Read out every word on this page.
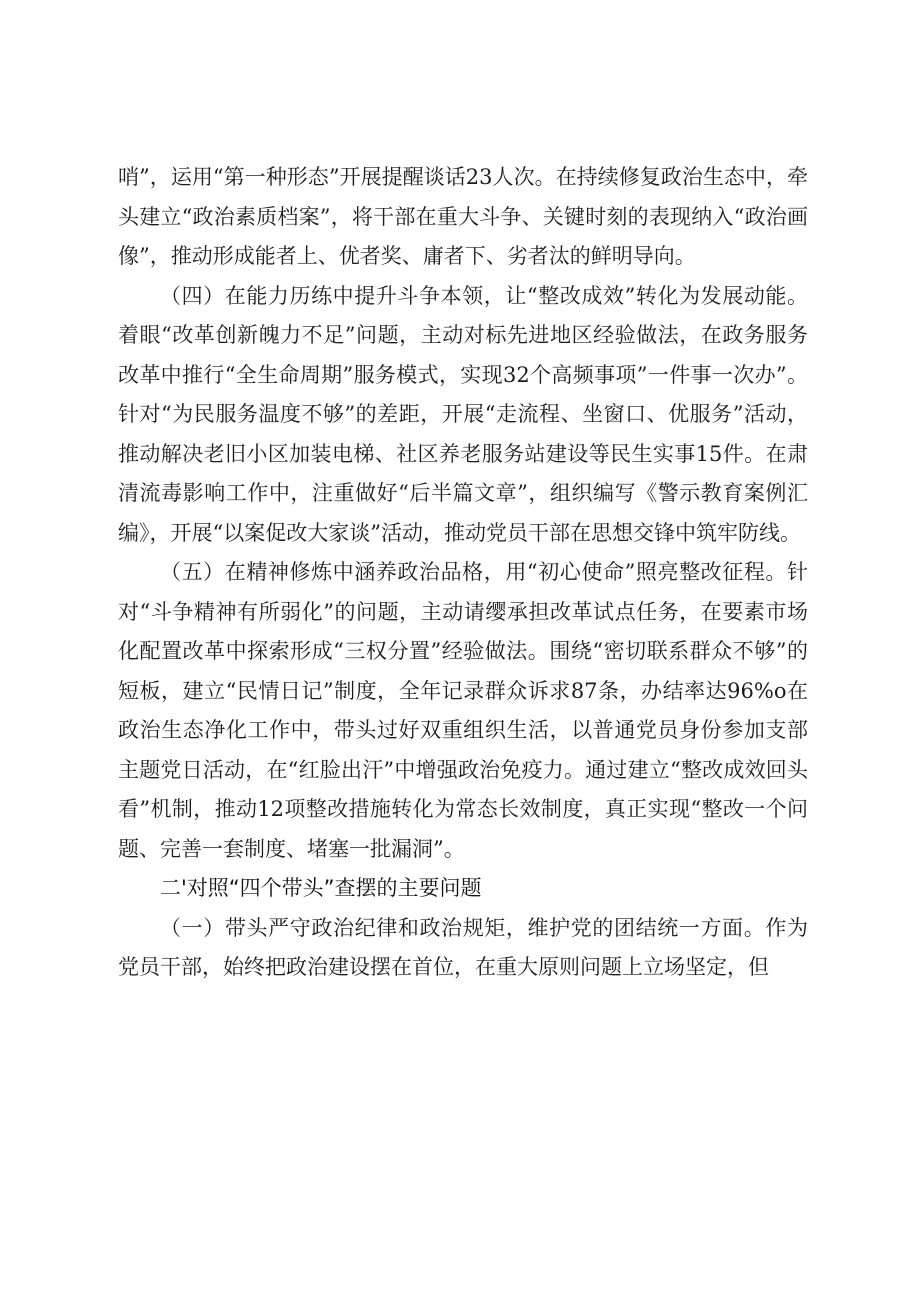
哨”，运用“第一种形态”开展提醒谈话23人次。在持续修复政治生态中，牵头建立“政治素质档案”，将干部在重大斗争、关键时刻的表现纳入“政治画像”，推动形成能者上、优者奖、庸者下、劣者汰的鲜明导向。

（四）在能力历练中提升斗争本领，让“整改成效”转化为发展动能。着眼“改革创新魄力不足”问题，主动对标先进地区经验做法，在政务服务改革中推行“全生命周期”服务模式，实现32个高频事项”一件事一次办”。针对“为民服务温度不够”的差距，开展“走流程、坐窗口、优服务”活动，推动解决老旧小区加装电梯、社区养老服务站建设等民生实事15件。在肃清流毒影响工作中，注重做好“后半篇文章”，组织编写《警示教育案例汇编》，开展“以案促改大家谈”活动，推动党员干部在思想交锋中筑牢防线。

（五）在精神修炼中涵养政治品格，用“初心使命”照亮整改征程。针对“斗争精神有所弱化”的问题，主动请缨承担改革试点任务，在要素市场化配置改革中探索形成“三权分置”经验做法。围绕“密切联系群众不够”的短板，建立“民情日记”制度，全年记录群众诉求87条，办结率达96%o在政治生态净化工作中，带头过好双重组织生活，以普通党员身份参加支部主题党日活动，在“红脸出汗”中增强政治免疫力。通过建立“整改成效回头看”机制，推动12项整改措施转化为常态长效制度，真正实现“整改一个问题、完善一套制度、堵塞一批漏洞”。

二'对照“四个带头”查摆的主要问题

（一）带头严守政治纪律和政治规矩，维护党的团结统一方面。作为党员干部，始终把政治建设摆在首位，在重大原则问题上立场坚定，但
